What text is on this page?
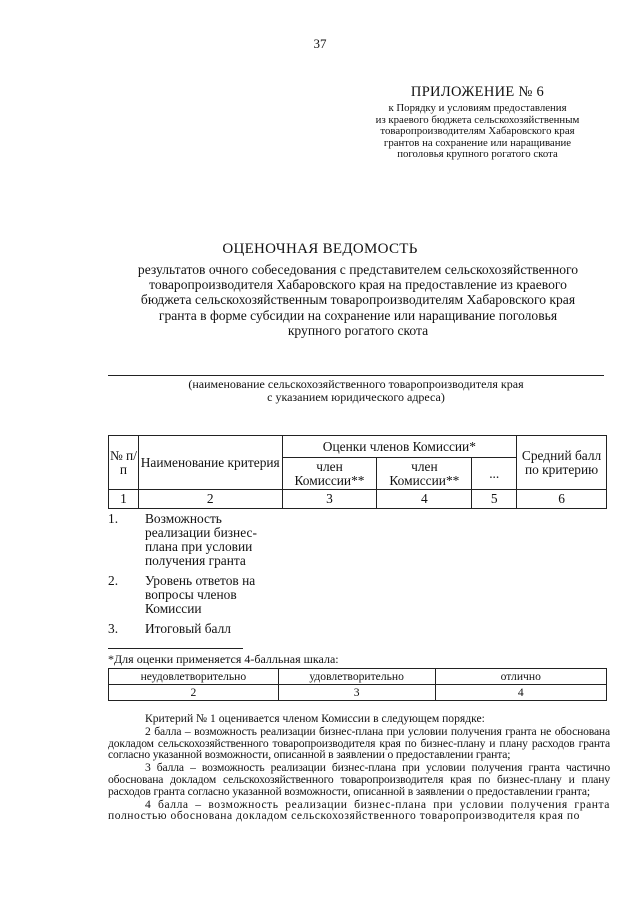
37
ПРИЛОЖЕНИЕ № 6
к Порядку и условиям предоставления
из краевого бюджета сельскохозяйственным
товаропроизводителям Хабаровского края
грантов на сохранение или наращивание
поголовья крупного рогатого скота
ОЦЕНОЧНАЯ ВЕДОМОСТЬ
результатов очного собеседования с представителем сельскохозяйственного
товаропроизводителя Хабаровского края на предоставление из краевого
бюджета сельскохозяйственным товаропроизводителям Хабаровского края
гранта в форме субсидии на сохранение или наращивание поголовья
крупного рогатого скота
(наименование сельскохозяйственного товаропроизводителя края
с указанием юридического адреса)
№ п/п	Наименование критерия	Оценки членов Комиссии*			Средний балл по критерию
		член Комиссии**	член Комиссии**	...	
1	2	3	4	5	6
1.	Возможность реализации бизнес-плана при условии получения гранта
2.	Уровень ответов на вопросы членов Комиссии
3.	Итоговый балл
*Для оценки применяется 4-балльная шкала:
неудовлетворительно	удовлетворительно	отлично
2	3	4

Критерий № 1 оценивается членом Комиссии в следующем порядке:

2 балла – возможность реализации бизнес-плана при условии получения гранта не обоснована докладом сельскохозяйственного товаропроизводителя края по бизнес-плану и плану расходов гранта согласно указанной возможности, описанной в заявлении о предоставлении гранта;

3 балла – возможность реализации бизнес-плана при условии получения гранта частично обоснована докладом сельскохозяйственного товаропроизводителя края по бизнес-плану и плану расходов гранта согласно указанной возможности, описанной в заявлении о предоставлении гранта;

4 балла – возможность реализации бизнес-плана при условии получения гранта полностью обоснована докладом сельскохозяйственного товаропроизводителя края по
